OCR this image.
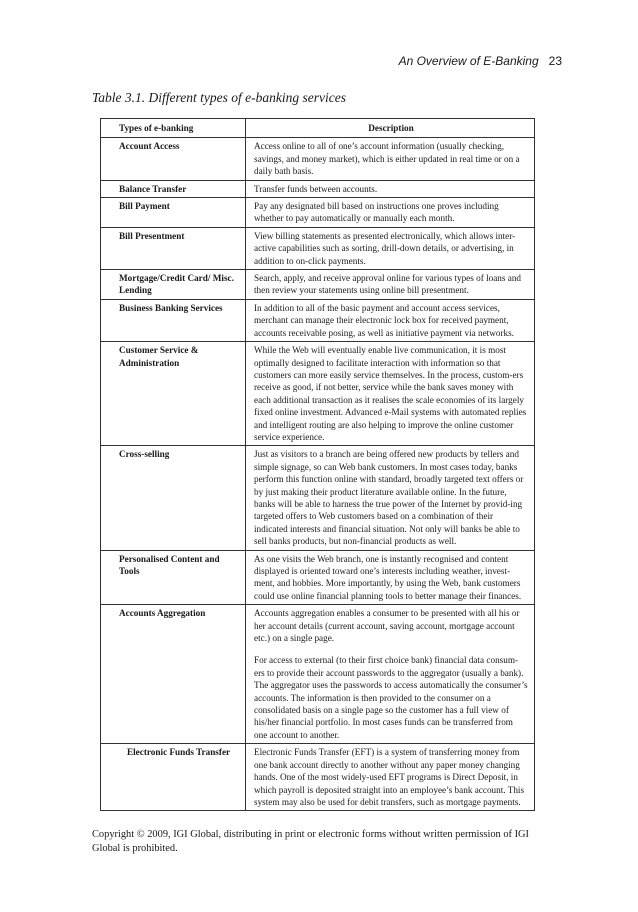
An Overview of E-Banking 23
Table 3.1. Different types of e-banking services
Types of e-banking	Description
Account Access	Access online to all of one’s account information (usually checking, savings, and money market), which is either updated in real time or on a daily bath basis.

Balance Transfer	Transfer funds between accounts.

Bill Payment	Pay any designated bill based on instructions one proves including whether to pay automatically or manually each month.

Bill Presentment	View billing statements as presented electronically, which allows inter-active capabilities such as sorting, drill-down details, or advertising, in addition to on-click payments.

Mortgage/Credit Card/ Misc. Lending	Search, apply, and receive approval online for various types of loans and then review your statements using online bill presentment.

Business Banking Services	In addition to all of the basic payment and account access services, merchant can manage their electronic lock box for received payment, accounts receivable posing, as well as initiative payment via networks.

Customer Service & Administration	While the Web will eventually enable live communication, it is most optimally designed to facilitate interaction with information so that customers can more easily service themselves. In the process, custom-ers receive as good, if not better, service while the bank saves money with each additional transaction as it realises the scale economies of its largely fixed online investment. Advanced e-Mail systems with automated replies and intelligent routing are also helping to improve the online customer service experience.

Cross-selling	Just as visitors to a branch are being offered new products by tellers and simple signage, so can Web bank customers. In most cases today, banks perform this function online with standard, broadly targeted text offers or by just making their product literature available online. In the future, banks will be able to harness the true power of the Internet by provid-ing targeted offers to Web customers based on a combination of their indicated interests and financial situation. Not only will banks be able to sell banks products, but non-financial products as well.

Personalised Content and Tools	As one visits the Web branch, one is instantly recognised and content displayed is oriented toward one’s interests including weather, invest-ment, and hobbies. More importantly, by using the Web, bank customers could use online financial planning tools to better manage their finances.

Accounts Aggregation	Accounts aggregation enables a consumer to be presented with all his or her account details (current account, saving account, mortgage account etc.) on a single page.

For access to external (to their first choice bank) financial data consum-ers to provide their account passwords to the aggregator (usually a bank). The aggregator uses the passwords to access automatically the consumer’s accounts. The information is then provided to the consumer on a consolidated basis on a single page so the customer has a full view of his/her financial portfolio. In most cases funds can be transferred from one account to another.

Electronic Funds Transfer	Electronic Funds Transfer (EFT) is a system of transferring money from one bank account directly to another without any paper money changing hands. One of the most widely-used EFT programs is Direct Deposit, in which payroll is deposited straight into an employee’s bank account. This system may also be used for debit transfers, such as mortgage payments.

Copyright © 2009, IGI Global, distributing in print or electronic forms without written permission of IGI Global is prohibited.
